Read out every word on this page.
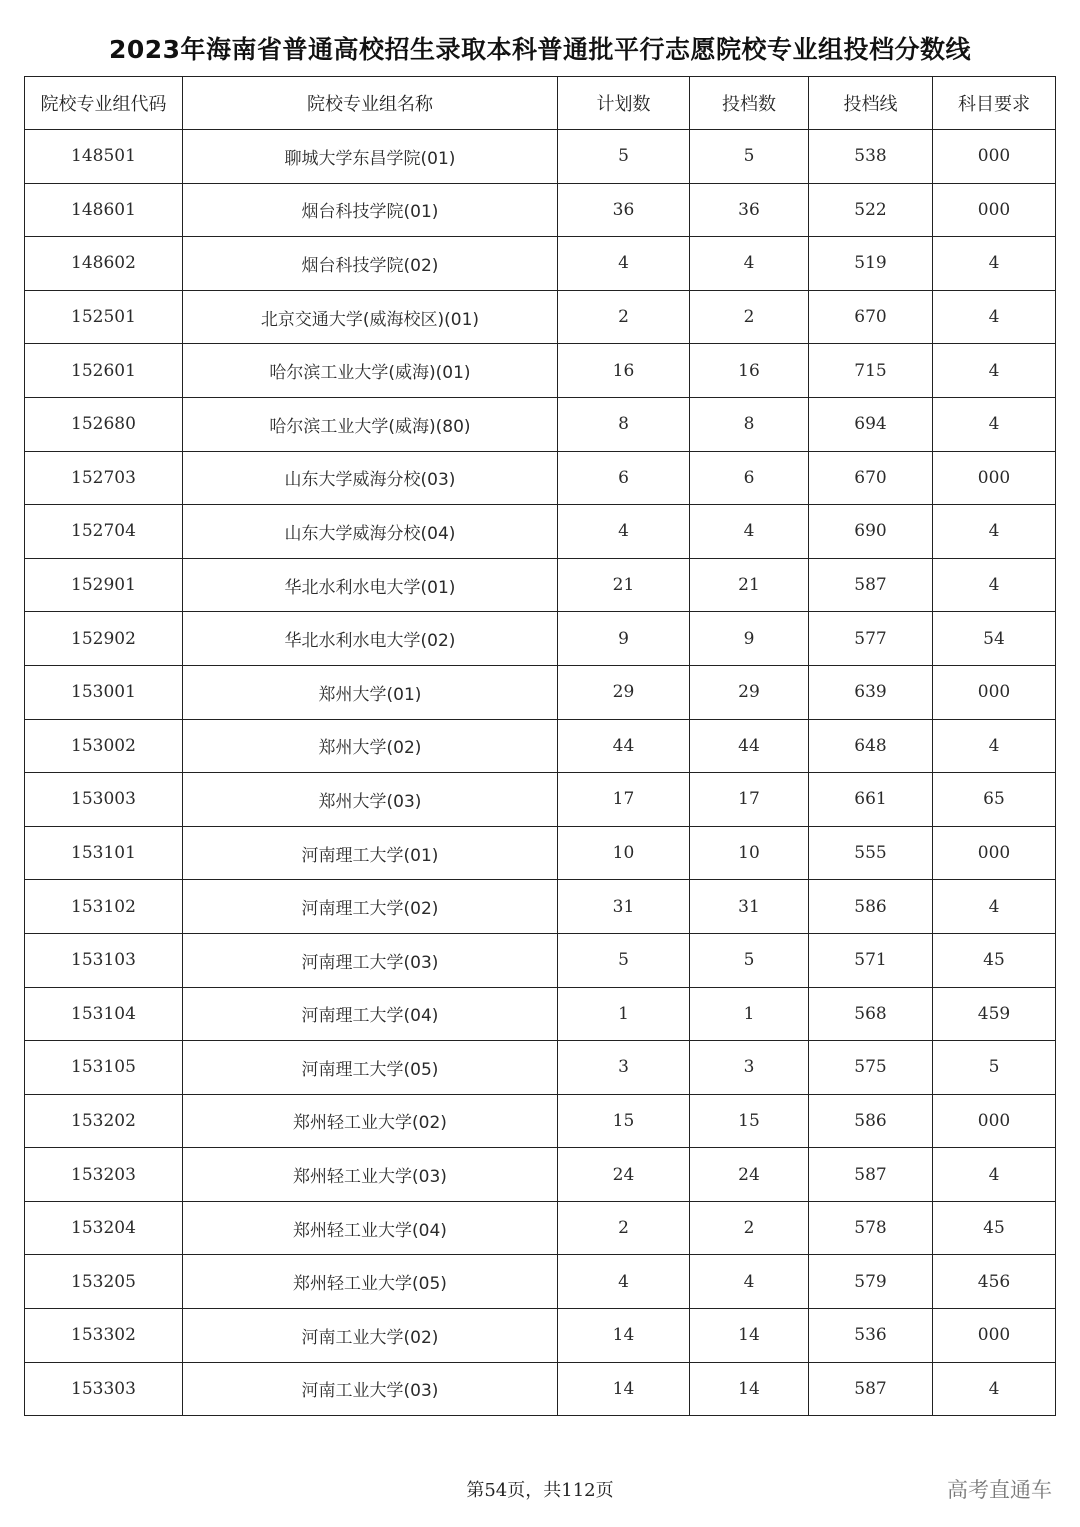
2023年海南省普通高校招生录取本科普通批平行志愿院校专业组投档分数线
院校专业组代码	院校专业组名称	计划数	投档数	投档线	科目要求
148501	聊城大学东昌学院(01)	5	5	538	000
148601	烟台科技学院(01)	36	36	522	000
148602	烟台科技学院(02)	4	4	519	4
152501	北京交通大学(威海校区)(01)	2	2	670	4
152601	哈尔滨工业大学(威海)(01)	16	16	715	4
152680	哈尔滨工业大学(威海)(80)	8	8	694	4
152703	山东大学威海分校(03)	6	6	670	000
152704	山东大学威海分校(04)	4	4	690	4
152901	华北水利水电大学(01)	21	21	587	4
152902	华北水利水电大学(02)	9	9	577	54
153001	郑州大学(01)	29	29	639	000
153002	郑州大学(02)	44	44	648	4
153003	郑州大学(03)	17	17	661	65
153101	河南理工大学(01)	10	10	555	000
153102	河南理工大学(02)	31	31	586	4
153103	河南理工大学(03)	5	5	571	45
153104	河南理工大学(04)	1	1	568	459
153105	河南理工大学(05)	3	3	575	5
153202	郑州轻工业大学(02)	15	15	586	000
153203	郑州轻工业大学(03)	24	24	587	4
153204	郑州轻工业大学(04)	2	2	578	45
153205	郑州轻工业大学(05)	4	4	579	456
153302	河南工业大学(02)	14	14	536	000
153303	河南工业大学(03)	14	14	587	4
第54页，共112页	高考直通车
